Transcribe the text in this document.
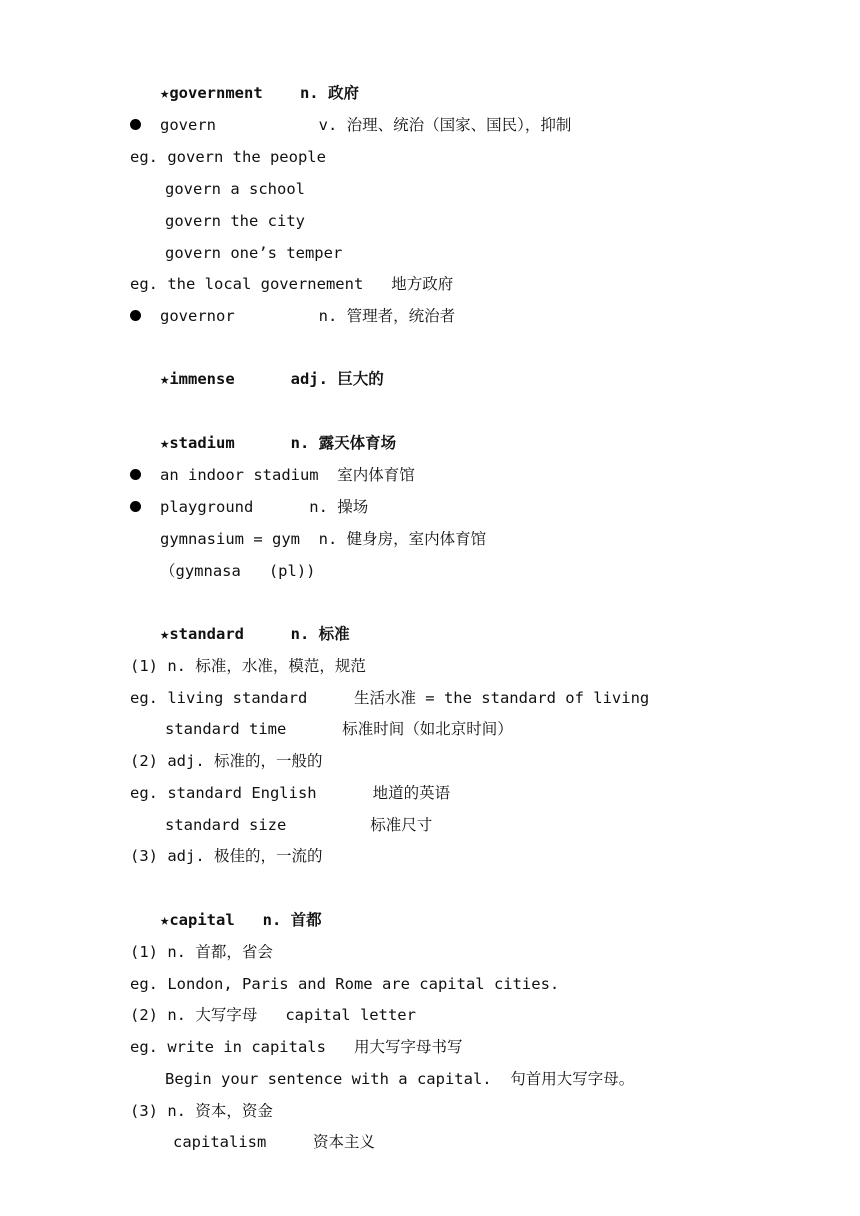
★government    n. 政府
govern           v. 治理、统治（国家、国民），抑制
eg. govern the people
govern a school
govern the city
govern one’s temper
eg. the local governement   地方政府
governor         n. 管理者，统治者
★immense      adj. 巨大的
★stadium      n. 露天体育场
an indoor stadium  室内体育馆
playground      n. 操场
gymnasium = gym  n. 健身房，室内体育馆
（gymnasa   (pl))
★standard     n. 标准
(1) n. 标准，水准，模范，规范
eg. living standard     生活水准 = the standard of living
standard time      标准时间（如北京时间）
(2) adj. 标准的，一般的
eg. standard English      地道的英语
standard size         标准尺寸
(3) adj. 极佳的，一流的
★capital   n. 首都
(1) n. 首都，省会
eg. London, Paris and Rome are capital cities.
(2) n. 大写字母   capital letter
eg. write in capitals   用大写字母书写
Begin your sentence with a capital.  句首用大写字母。
(3) n. 资本，资金
capitalism     资本主义
